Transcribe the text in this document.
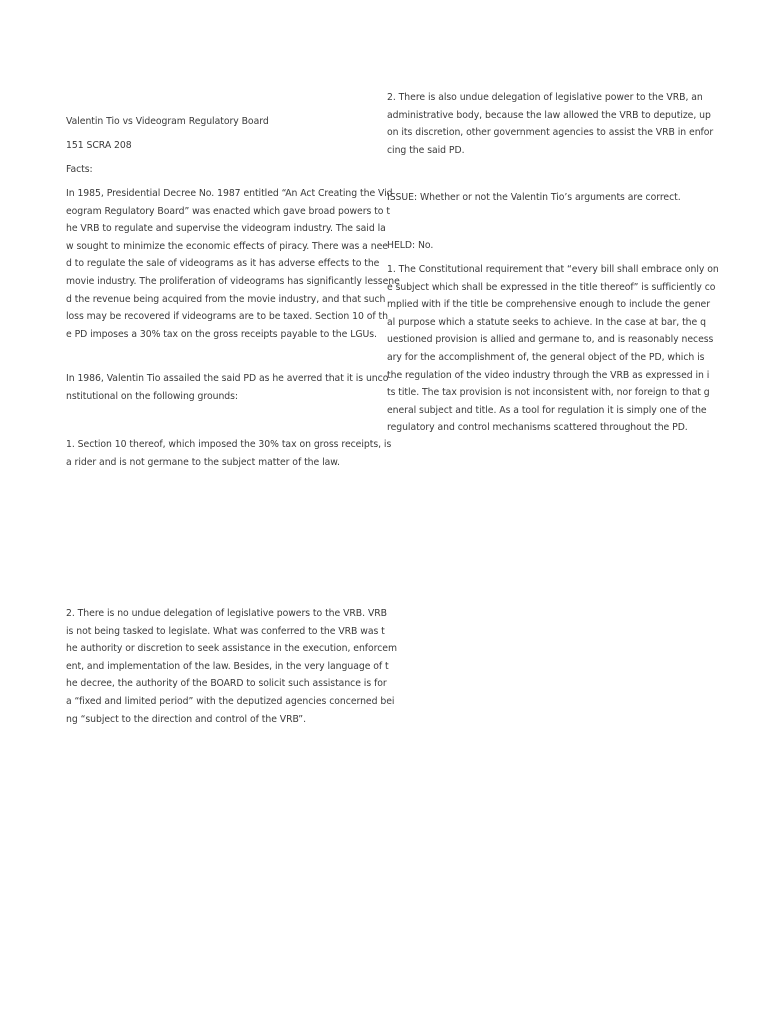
Valentin Tio vs Videogram Regulatory Board

151 SCRA 208

Facts:

In 1985, Presidential Decree No. 1987 entitled “An Act Creating the Vid
eogram Regulatory Board” was enacted which gave broad powers to t
he VRB to regulate and supervise the videogram industry. The said la
w sought to minimize the economic effects of piracy. There was a nee
d to regulate the sale of videograms as it has adverse effects to the
movie industry. The proliferation of videograms has significantly lessene
d the revenue being acquired from the movie industry, and that such
loss may be recovered if videograms are to be taxed. Section 10 of th
e PD imposes a 30% tax on the gross receipts payable to the LGUs.
In 1986, Valentin Tio assailed the said PD as he averred that it is unco
nstitutional on the following grounds:
1. Section 10 thereof, which imposed the 30% tax on gross receipts, is
a rider and is not germane to the subject matter of the law.
2. There is no undue delegation of legislative powers to the VRB. VRB
is not being tasked to legislate. What was conferred to the VRB was t
he authority or discretion to seek assistance in the execution, enforcem
ent, and implementation of the law. Besides, in the very language of t
he decree, the authority of the BOARD to solicit such assistance is for
a “fixed and limited period” with the deputized agencies concerned bei
ng “subject to the direction and control of the VRB”.
2. There is also undue delegation of legislative power to the VRB, an
administrative body, because the law allowed the VRB to deputize, up
on its discretion, other government agencies to assist the VRB in enfor
cing the said PD.

ISSUE: Whether or not the Valentin Tio’s arguments are correct.

HELD: No.

1. The Constitutional requirement that “every bill shall embrace only on
e subject which shall be expressed in the title thereof” is sufficiently co
mplied with if the title be comprehensive enough to include the gener
al purpose which a statute seeks to achieve. In the case at bar, the q
uestioned provision is allied and germane to, and is reasonably necess
ary for the accomplishment of, the general object of the PD, which is
the regulation of the video industry through the VRB as expressed in i
ts title. The tax provision is not inconsistent with, nor foreign to that g
eneral subject and title. As a tool for regulation it is simply one of the
regulatory and control mechanisms scattered throughout the PD.
